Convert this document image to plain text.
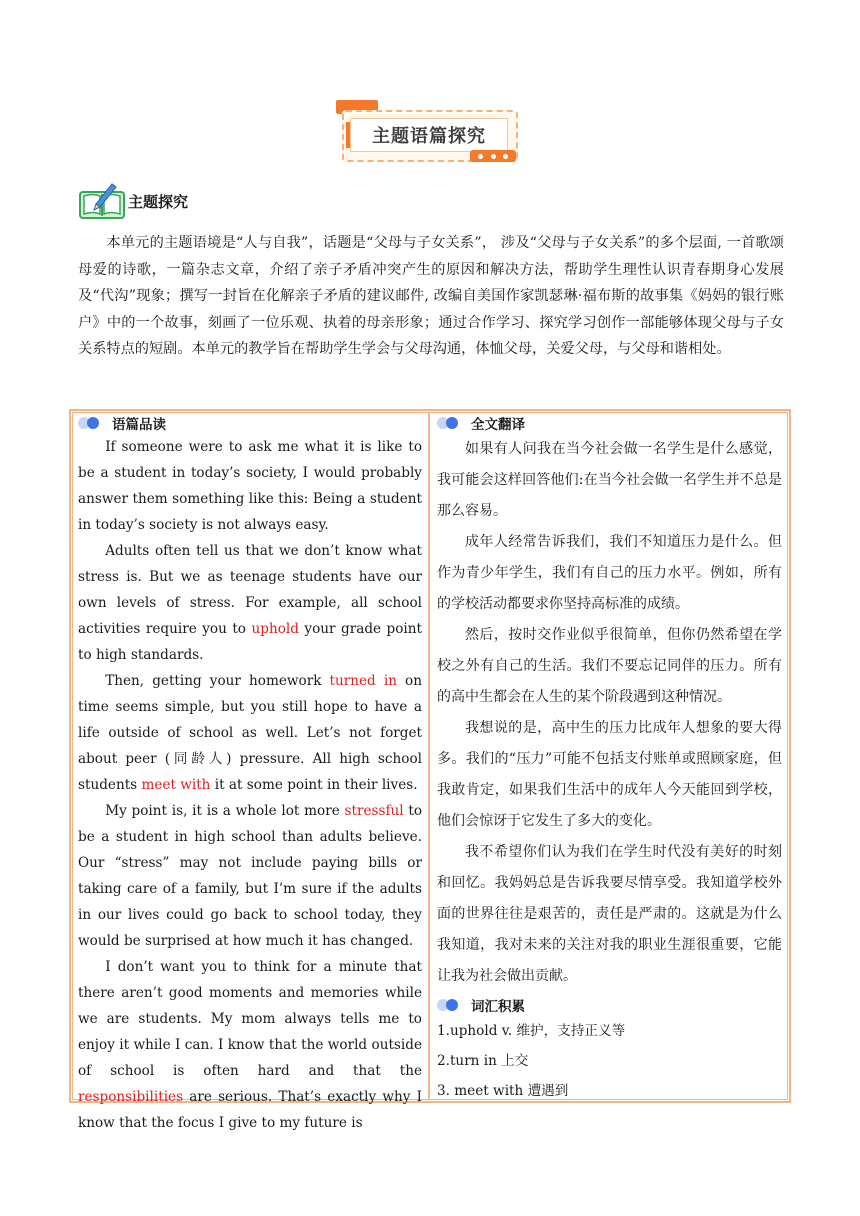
主题语篇探究
主题探究

本单元的主题语境是“人与自我”，话题是“父母与子女关系”， 涉及“父母与子女关系”的多个层面, 一首歌颂母爱的诗歌，一篇杂志文章，介绍了亲子矛盾冲突产生的原因和解决方法，帮助学生理性认识青春期身心发展及“代沟”现象；撰写一封旨在化解亲子矛盾的建议邮件, 改编自美国作家凯瑟琳·福布斯的故事集《妈妈的银行账户》中的一个故事，刻画了一位乐观、执着的母亲形象；通过合作学习、探究学习创作一部能够体现父母与子女关系特点的短剧。本单元的教学旨在帮助学生学会与父母沟通，体恤父母，关爱父母，与父母和谐相处。

语篇品读

If someone were to ask me what it is like to be a student in today’s society, I would probably answer them something like this: Being a student in today’s society is not always easy.

Adults often tell us that we don’t know what stress is. But we as teenage students have our own levels of stress. For example, all school activities require you to uphold your grade point to high standards.

Then, getting your homework turned in on time seems simple, but you still hope to have a life outside of school as well. Let’s not forget about peer (同龄人) pressure. All high school students meet with it at some point in their lives.

My point is, it is a whole lot more stressful to be a student in high school than adults believe. Our “stress” may not include paying bills or taking care of a family, but I’m sure if the adults in our lives could go back to school today, they would be surprised at how much it has changed.

I don’t want you to think for a minute that there aren’t good moments and memories while we are students. My mom always tells me to enjoy it while I can. I know that the world outside of school is often hard and that the responsibilities are serious. That’s exactly why I know that the focus I give to my future is

全文翻译

如果有人问我在当今社会做一名学生是什么感觉，我可能会这样回答他们:在当今社会做一名学生并不总是那么容易。

成年人经常告诉我们，我们不知道压力是什么。但作为青少年学生，我们有自己的压力水平。例如，所有的学校活动都要求你坚持高标准的成绩。

然后，按时交作业似乎很简单，但你仍然希望在学校之外有自己的生活。我们不要忘记同伴的压力。所有的高中生都会在人生的某个阶段遇到这种情况。

我想说的是，高中生的压力比成年人想象的要大得多。我们的“压力”可能不包括支付账单或照顾家庭，但我敢肯定，如果我们生活中的成年人今天能回到学校，他们会惊讶于它发生了多大的变化。

我不希望你们认为我们在学生时代没有美好的时刻和回忆。我妈妈总是告诉我要尽情享受。我知道学校外面的世界往往是艰苦的，责任是严肃的。这就是为什么我知道，我对未来的关注对我的职业生涯很重要，它能让我为社会做出贡献。

词汇积累
1.uphold v. 维护，支持正义等
2.turn in 上交
3. meet with 遭遇到
